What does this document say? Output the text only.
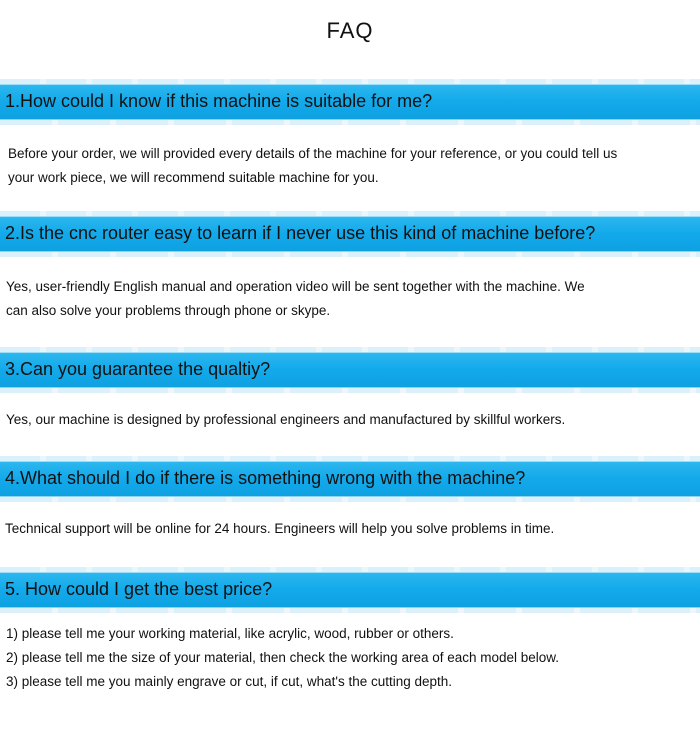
FAQ
1.How could I know if this machine is suitable for me?

Before your order, we will provided every details of the machine for your reference, or you could tell us

your work piece, we will recommend suitable machine for you.

2.Is the cnc router easy to learn if I never use this kind of machine before?

Yes, user-friendly English manual and operation video will be sent together with the machine. We

can also solve your problems through phone or skype.

3.Can you guarantee the qualtiy?

Yes, our machine is designed by professional engineers and manufactured by skillful workers.

4.What should I do if there is something wrong with the machine?

Technical support will be online for 24 hours. Engineers will help you solve problems in time.

5. How could I get the best price?

1) please tell me your working material, like acrylic, wood, rubber or others.

2) please tell me the size of your material, then check the working area of each model below.

3) please tell me you mainly engrave or cut, if cut, what's the cutting depth.
